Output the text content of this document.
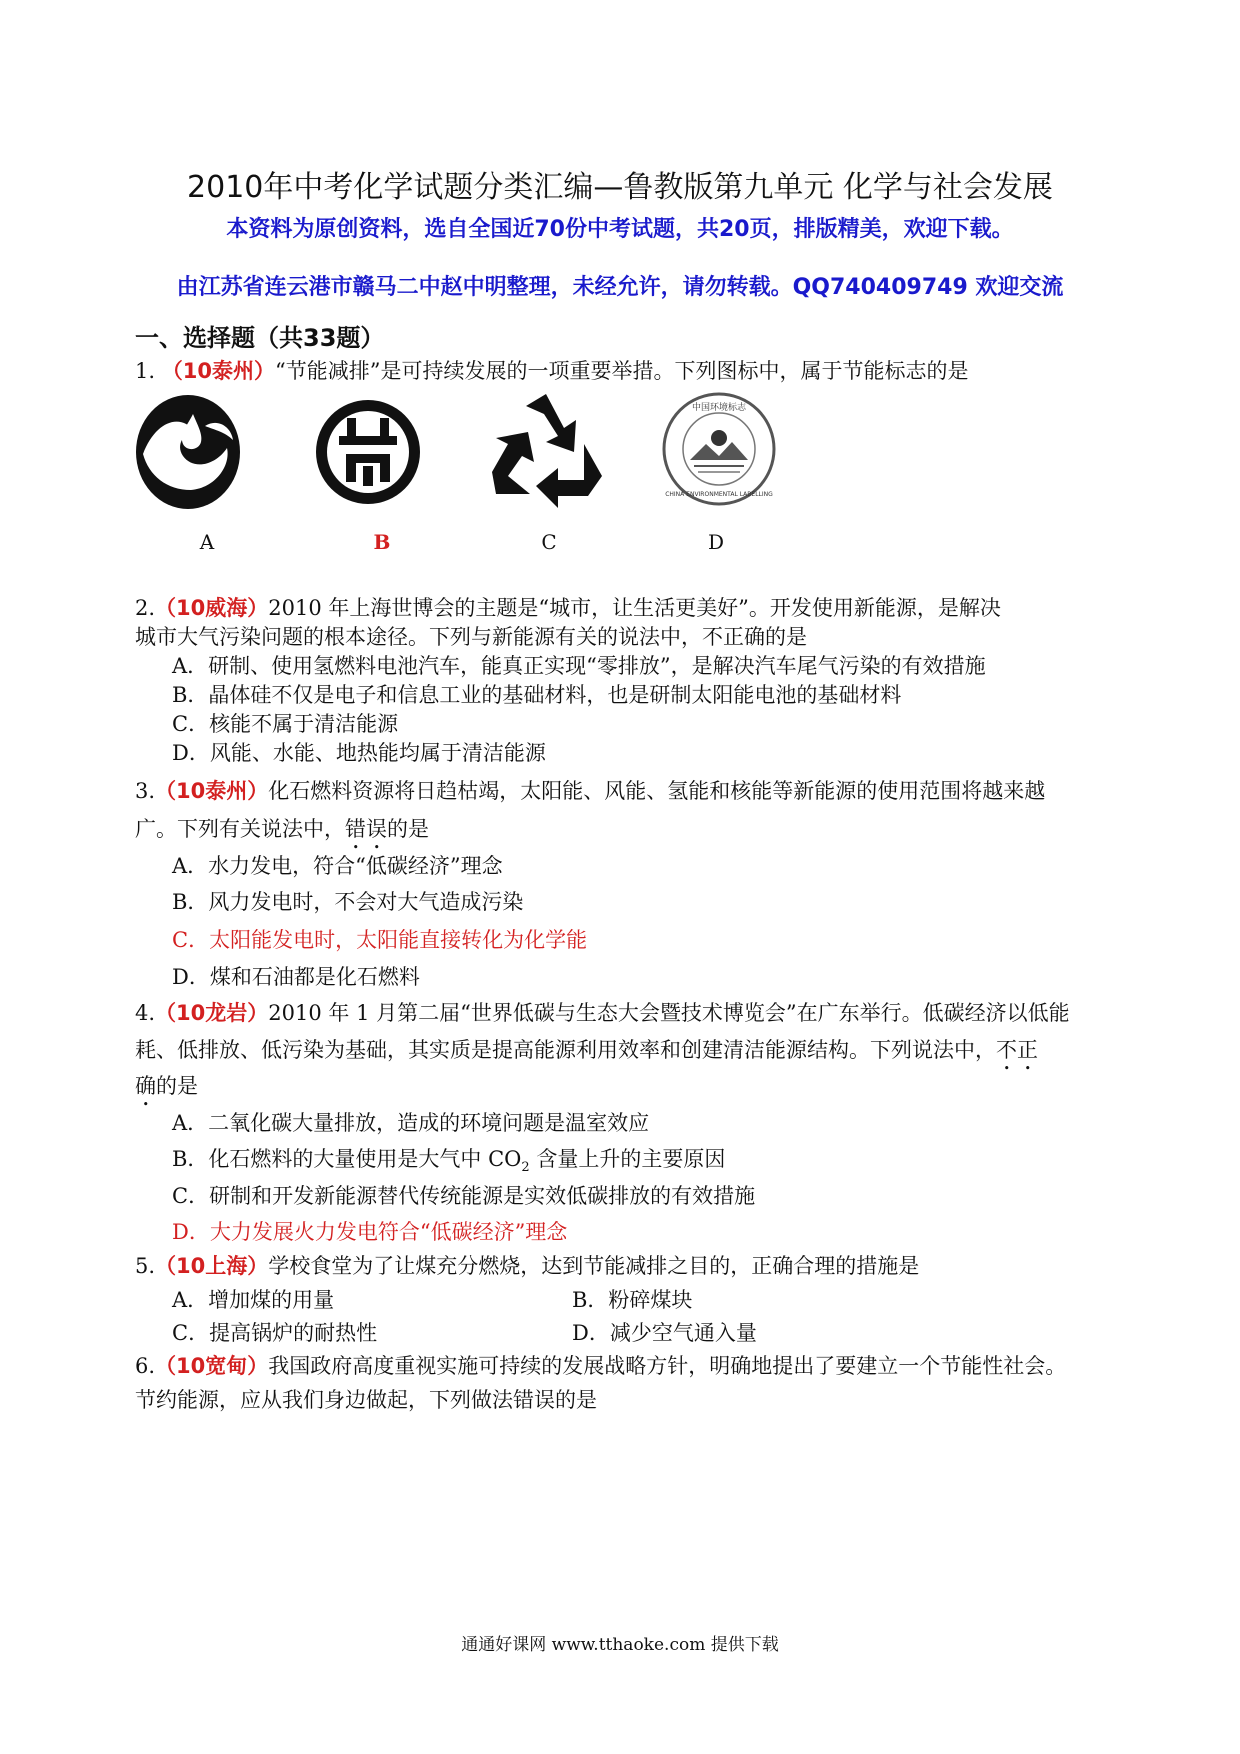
2010年中考化学试题分类汇编—鲁教版第九单元 化学与社会发展
本资料为原创资料，选自全国近70份中考试题，共20页，排版精美，欢迎下载。
由江苏省连云港市赣马二中赵中明整理，未经允许，请勿转载。QQ740409749 欢迎交流
一、选择题（共33题）
1. （10泰州）“节能减排”是可持续发展的一项重要举措。下列图标中，属于节能标志的是
中国环境标志
CHINA ENVIRONMENTAL LABELLING
A	B	C	D
2.（10威海）2010 年上海世博会的主题是“城市，让生活更美好”。开发使用新能源，是解决
城市大气污染问题的根本途径。下列与新能源有关的说法中，不正确的是
A．研制、使用氢燃料电池汽车，能真正实现“零排放”，是解决汽车尾气污染的有效措施
B．晶体硅不仅是电子和信息工业的基础材料，也是研制太阳能电池的基础材料
C．核能不属于清洁能源
D．风能、水能、地热能均属于清洁能源
3.（10泰州）化石燃料资源将日趋枯竭，太阳能、风能、氢能和核能等新能源的使用范围将越来越
广。下列有关说法中，错误的是
A．水力发电，符合“低碳经济”理念
B．风力发电时，不会对大气造成污染
C．太阳能发电时，太阳能直接转化为化学能
D．煤和石油都是化石燃料
4.（10龙岩）2010 年 1 月第二届“世界低碳与生态大会暨技术博览会”在广东举行。低碳经济以低能
耗、低排放、低污染为基础，其实质是提高能源利用效率和创建清洁能源结构。下列说法中，不正
确的是
A．二氧化碳大量排放，造成的环境问题是温室效应
B．化石燃料的大量使用是大气中 $CO_2$ 含量上升的主要原因
C．研制和开发新能源替代传统能源是实效低碳排放的有效措施
D．大力发展火力发电符合“低碳经济”理念
5.（10上海）学校食堂为了让煤充分燃烧，达到节能减排之目的，正确合理的措施是
A．增加煤的用量	B．粉碎煤块
C．提高锅炉的耐热性	D．减少空气通入量
6.（10宽甸）我国政府高度重视实施可持续的发展战略方针，明确地提出了要建立一个节能性社会。
节约能源，应从我们身边做起，下列做法错误的是
通通好课网 www.tthaoke.com 提供下载
